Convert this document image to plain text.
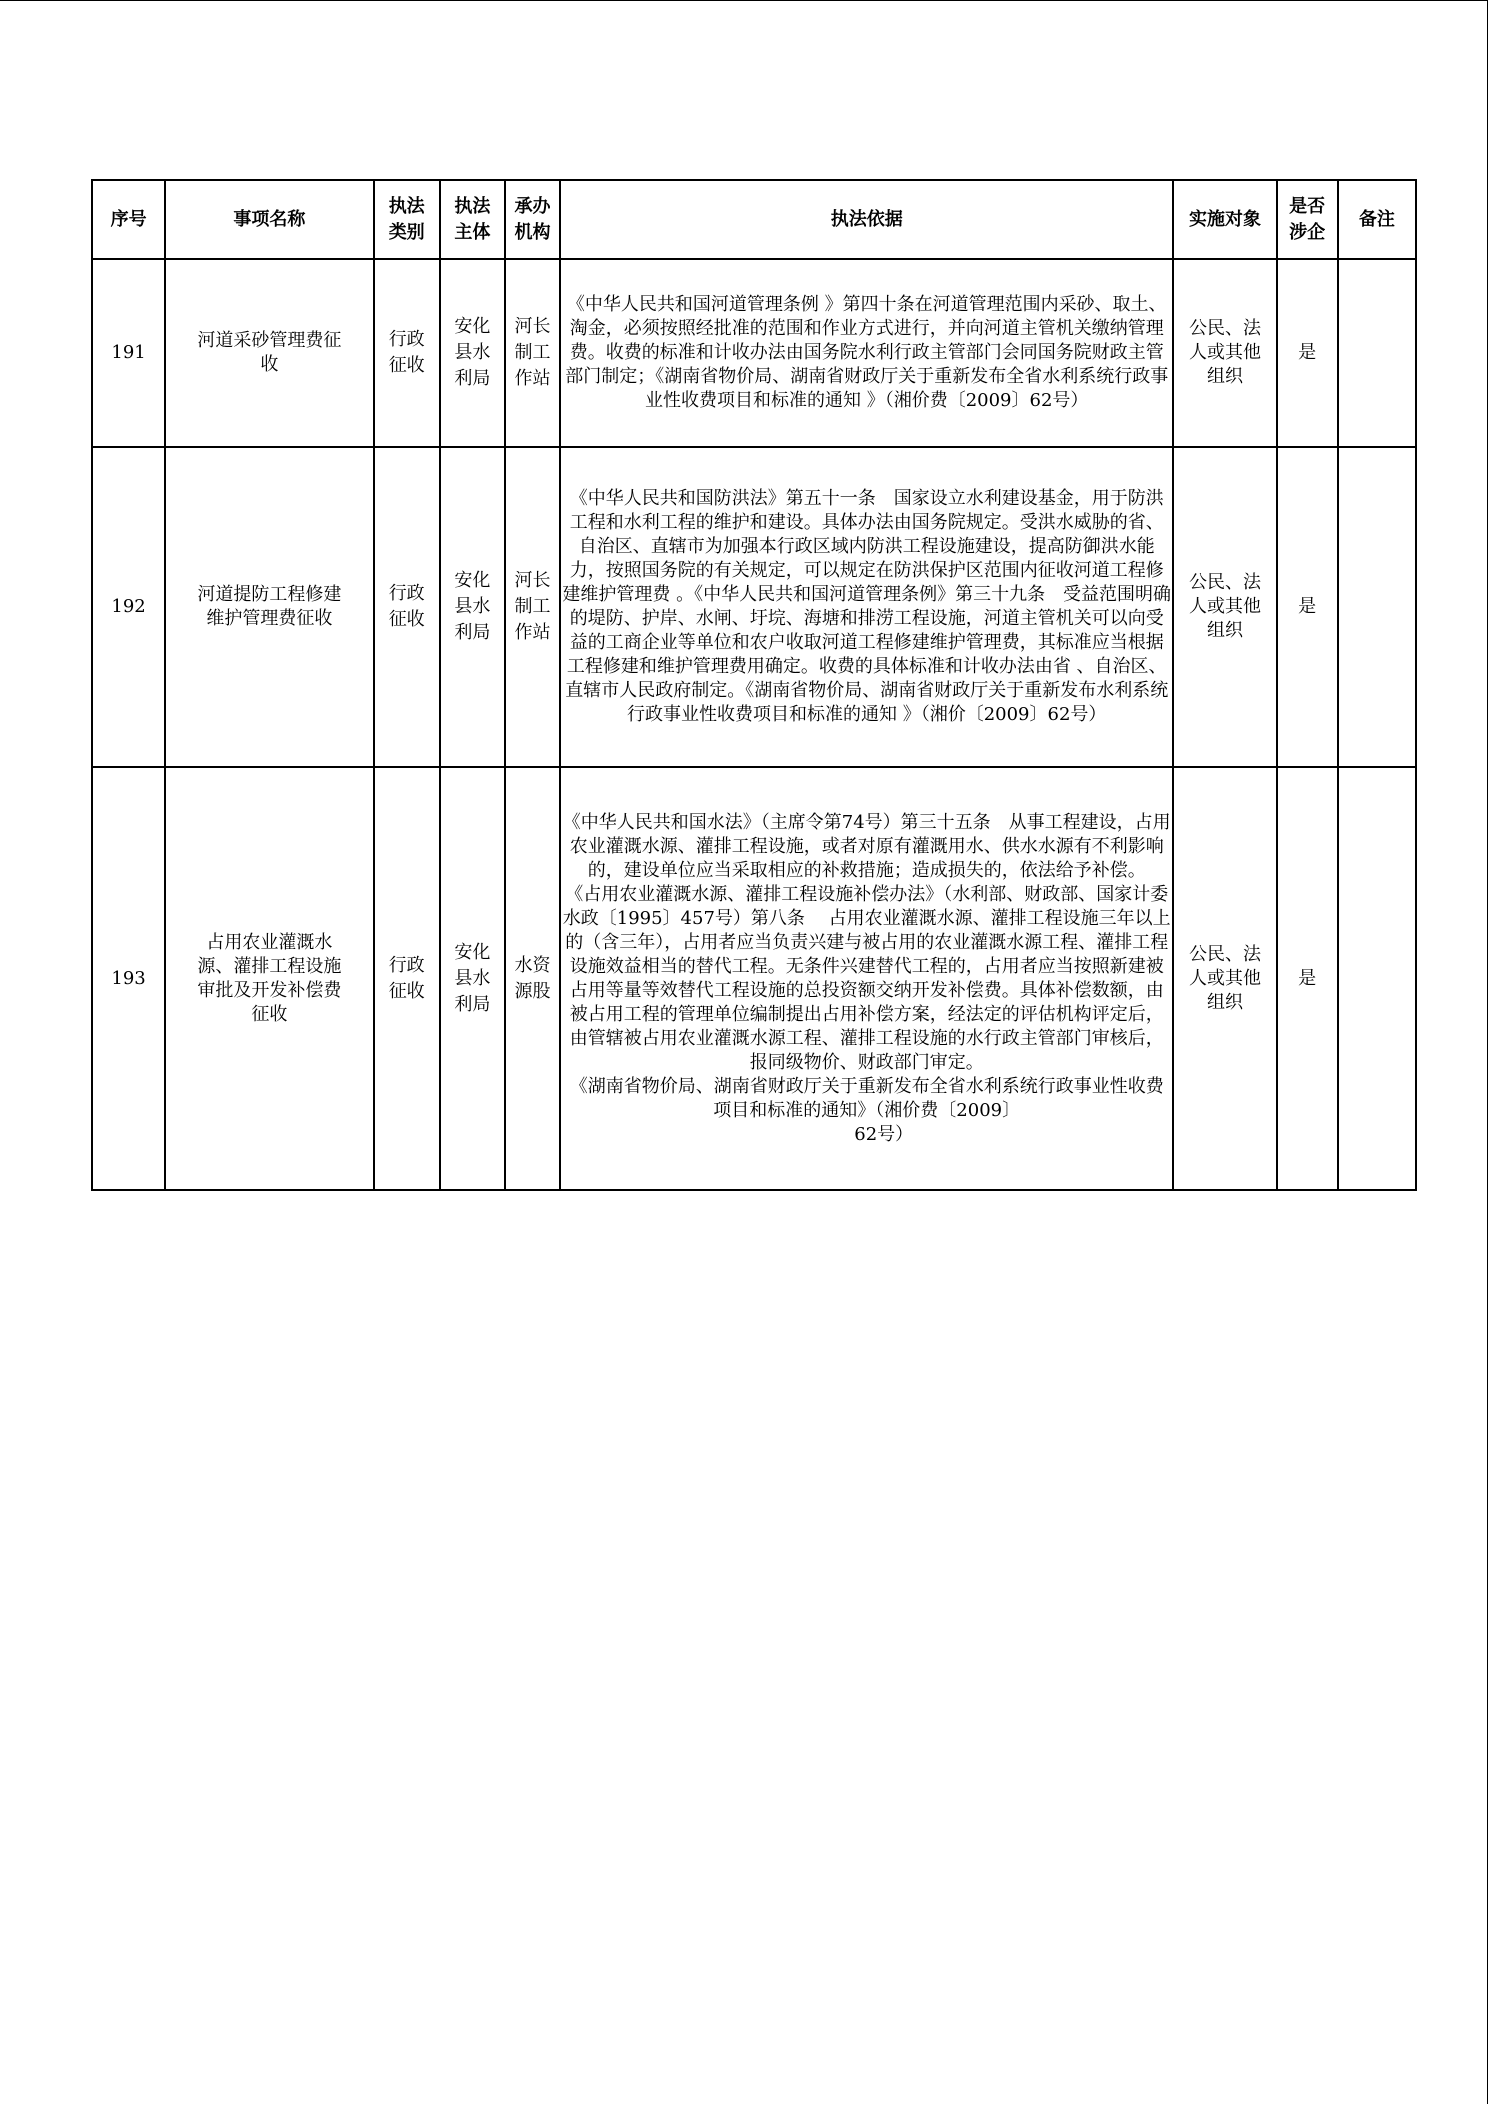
序号	事项名称	执法类别	执法主体	承办机构	执法依据	实施对象	是否涉企	备注
191	河道采砂管理费征收	行政征收	安化县水利局	河长制工作站	《中华人民共和国河道管理条例 》第四十条在河道管理范围内采砂、取土、淘金，必须按照经批准的范围和作业方式进行，并向河道主管机关缴纳管理费。收费的标准和计收办法由国务院水利行政主管部门会同国务院财政主管部门制定；《湖南省物价局、湖南省财政厅关于重新发布全省水利系统行政事业性收费项目和标准的通知 》（湘价费〔2009〕62号）	公民、法人或其他组织	是	
192	河道提防工程修建维护管理费征收	行政征收	安化县水利局	河长制工作站	《中华人民共和国防洪法》第五十一条　国家设立水利建设基金，用于防洪工程和水利工程的维护和建设。具体办法由国务院规定。受洪水威胁的省、自治区、直辖市为加强本行政区域内防洪工程设施建设，提高防御洪水能力，按照国务院的有关规定，可以规定在防洪保护区范围内征收河道工程修建维护管理费 。《中华人民共和国河道管理条例》第三十九条　受益范围明确的堤防、护岸、水闸、圩垸、海塘和排涝工程设施，河道主管机关可以向受益的工商企业等单位和农户收取河道工程修建维护管理费，其标准应当根据工程修建和维护管理费用确定。收费的具体标准和计收办法由省 、自治区、直辖市人民政府制定。《湖南省物价局、湖南省财政厅关于重新发布水利系统行政事业性收费项目和标准的通知 》（湘价〔2009〕62号）	公民、法人或其他组织	是	
193	占用农业灌溉水源、灌排工程设施审批及开发补偿费征收	行政征收	安化县水利局	水资源股	《中华人民共和国水法》（主席令第74号）第三十五条　从事工程建设，占用农业灌溉水源、灌排工程设施，或者对原有灌溉用水、供水水源有不利影响的，建设单位应当采取相应的补救措施；造成损失的，依法给予补偿。

《占用农业灌溉水源、灌排工程设施补偿办法》（水利部、财政部、国家计委水政〔1995〕457号）第八条　 占用农业灌溉水源、灌排工程设施三年以上的（含三年），占用者应当负责兴建与被占用的农业灌溉水源工程、灌排工程设施效益相当的替代工程。无条件兴建替代工程的，占用者应当按照新建被占用等量等效替代工程设施的总投资额交纳开发补偿费。具体补偿数额，由被占用工程的管理单位编制提出占用补偿方案，经法定的评估机构评定后，由管辖被占用农业灌溉水源工程、灌排工程设施的水行政主管部门审核后，报同级物价、财政部门审定。

《湖南省物价局、湖南省财政厅关于重新发布全省水利系统行政事业性收费项目和标准的通知》（湘价费〔2009〕

62号）	公民、法人或其他组织	是	
